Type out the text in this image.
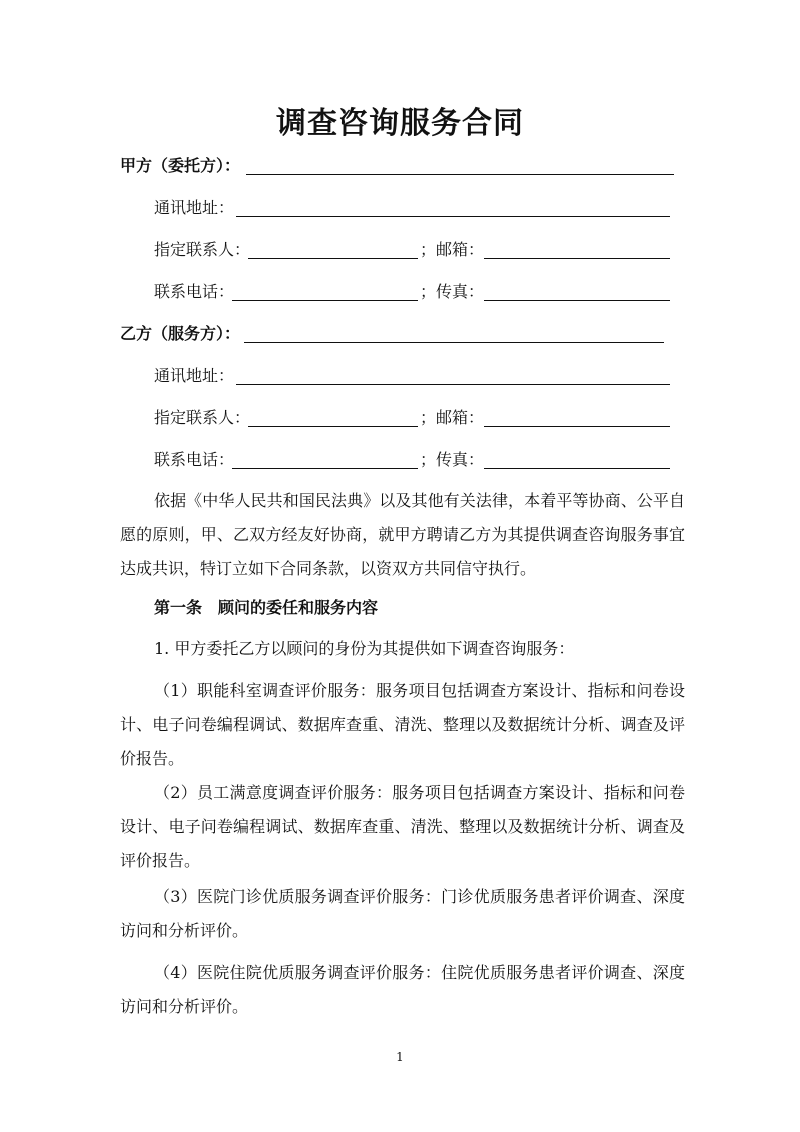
调查咨询服务合同
甲方（委托方）：
通讯地址：
指定联系人：	；邮箱：
联系电话：	；传真：
乙方（服务方）：
通讯地址：
指定联系人：	；邮箱：
联系电话：	；传真：
依据《中华人民共和国民法典》以及其他有关法律，本着平等协商、公平自愿的原则，甲、乙双方经友好协商，就甲方聘请乙方为其提供调查咨询服务事宜达成共识，特订立如下合同条款，以资双方共同信守执行。
第一条　顾问的委任和服务内容
1. 甲方委托乙方以顾问的身份为其提供如下调查咨询服务：
（1）职能科室调查评价服务：服务项目包括调查方案设计、指标和问卷设计、电子问卷编程调试、数据库查重、清洗、整理以及数据统计分析、调查及评价报告。
（2）员工满意度调查评价服务：服务项目包括调查方案设计、指标和问卷设计、电子问卷编程调试、数据库查重、清洗、整理以及数据统计分析、调查及评价报告。
（3）医院门诊优质服务调查评价服务：门诊优质服务患者评价调查、深度访问和分析评价。
（4）医院住院优质服务调查评价服务：住院优质服务患者评价调查、深度访问和分析评价。
1
